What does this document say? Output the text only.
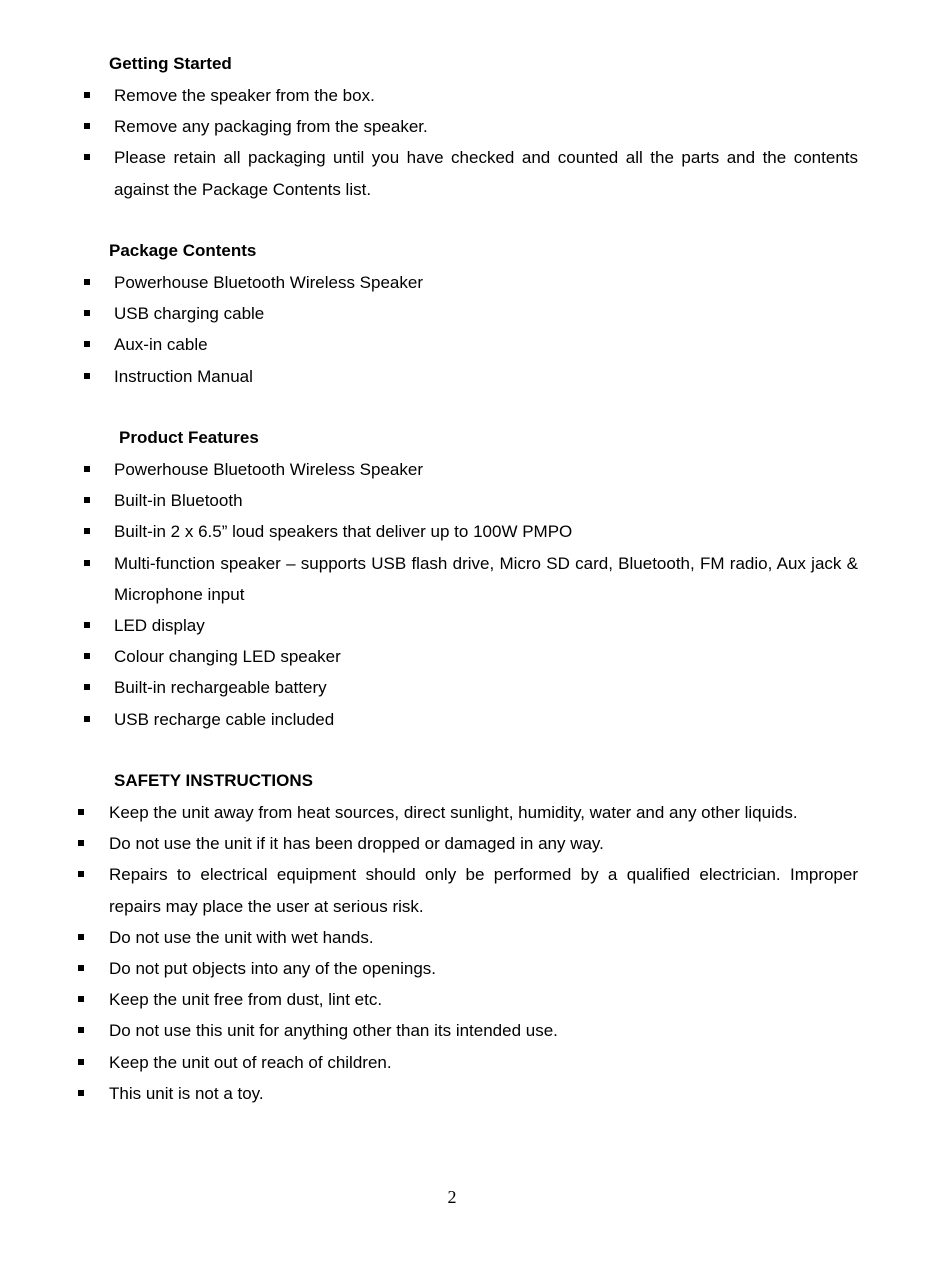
Getting Started
Remove the speaker from the box.
Remove any packaging from the speaker.
Please retain all packaging until you have checked and counted all the parts and the contents against the Package Contents list.
Package Contents
Powerhouse Bluetooth Wireless Speaker
USB charging cable
Aux-in cable
Instruction Manual
Product Features
Powerhouse Bluetooth Wireless Speaker
Built-in Bluetooth
Built-in 2 x 6.5” loud speakers that deliver up to 100W PMPO
Multi-function speaker – supports USB flash drive, Micro SD card, Bluetooth, FM radio, Aux jack & Microphone input
LED display
Colour changing LED speaker
Built-in rechargeable battery
USB recharge cable included
SAFETY INSTRUCTIONS
Keep the unit away from heat sources, direct sunlight, humidity, water and any other liquids.
Do not use the unit if it has been dropped or damaged in any way.
Repairs to electrical equipment should only be performed by a qualified electrician. Improper repairs may place the user at serious risk.
Do not use the unit with wet hands.
Do not put objects into any of the openings.
Keep the unit free from dust, lint etc.
Do not use this unit for anything other than its intended use.
Keep the unit out of reach of children.
This unit is not a toy.
2
